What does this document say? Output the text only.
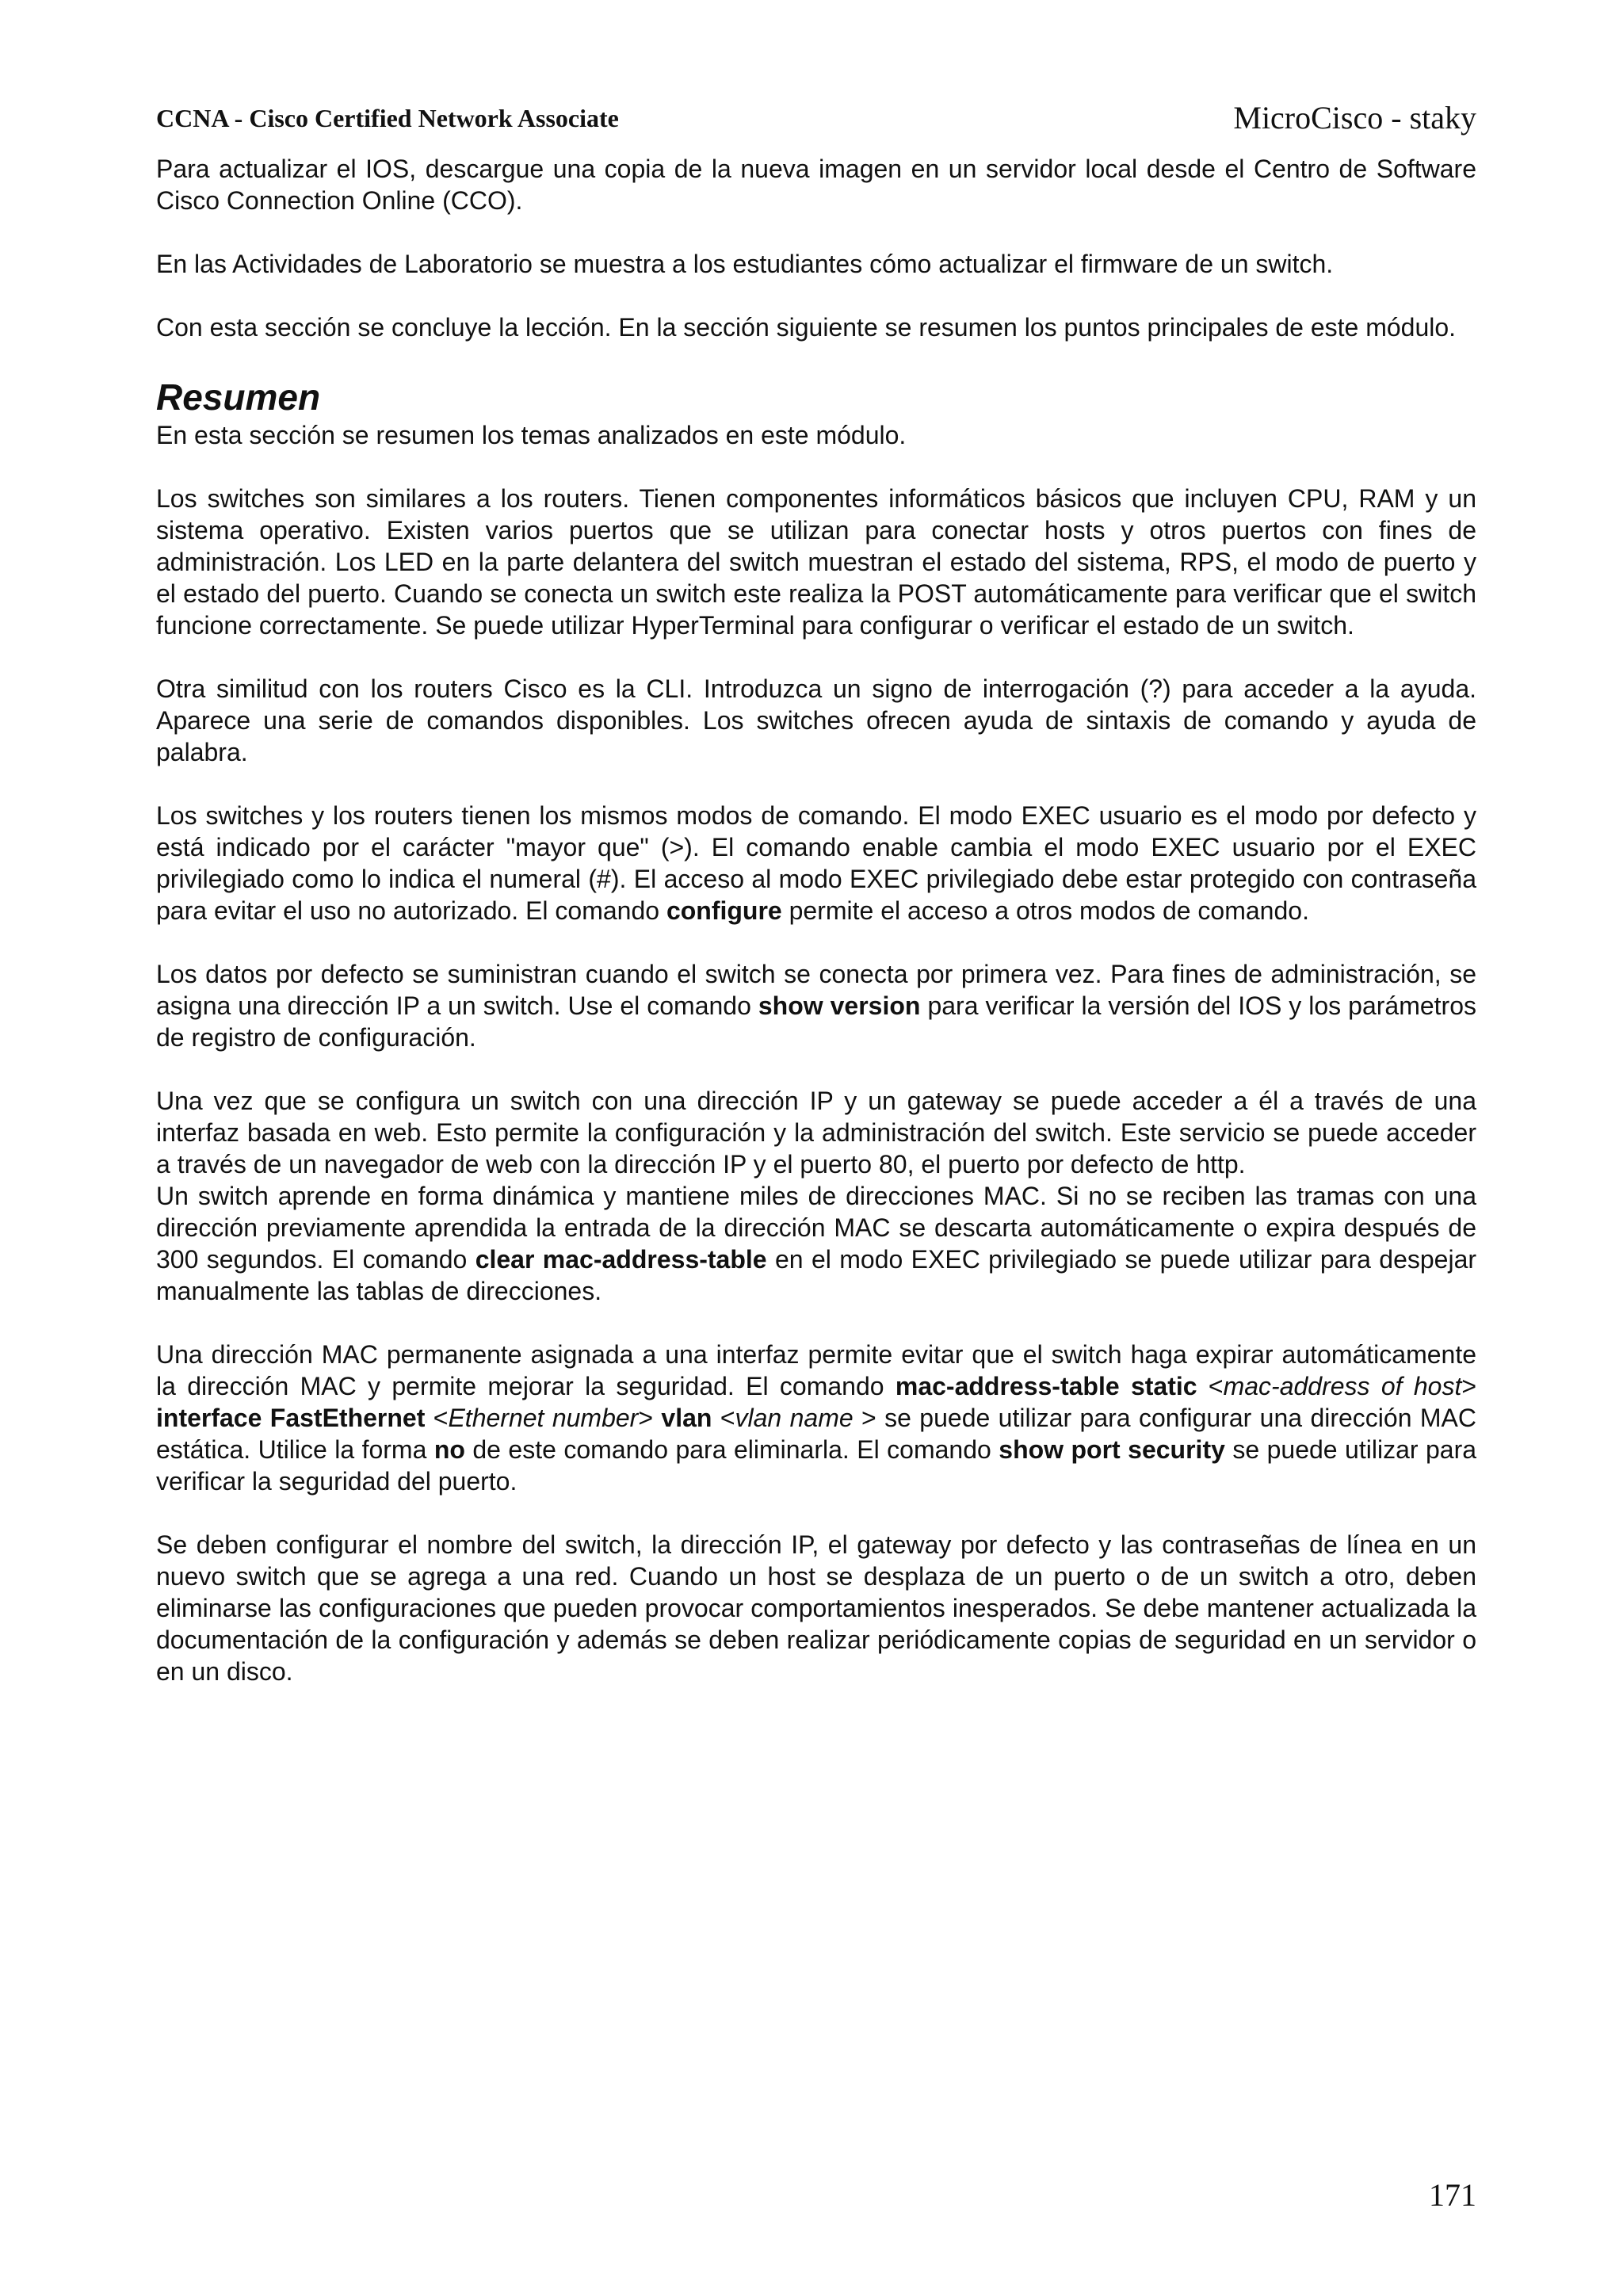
CCNA - Cisco Certified Network Associate	MicroCisco - staky

Para actualizar el IOS, descargue una copia de la nueva imagen en un servidor local desde el Centro de Software Cisco Connection Online (CCO).

En las Actividades de Laboratorio se muestra a los estudiantes cómo actualizar el firmware de un switch.

Con esta sección se concluye la lección. En la sección siguiente se resumen los puntos principales de este módulo.

Resumen

En esta sección se resumen los temas analizados en este módulo.

Los switches son similares a los routers. Tienen componentes informáticos básicos que incluyen CPU, RAM y un sistema operativo. Existen varios puertos que se utilizan para conectar hosts y otros puertos con fines de administración. Los LED en la parte delantera del switch muestran el estado del sistema, RPS, el modo de puerto y el estado del puerto. Cuando se conecta un switch este realiza la POST automáticamente para verificar que el switch funcione correctamente. Se puede utilizar HyperTerminal para configurar o verificar el estado de un switch.

Otra similitud con los routers Cisco es la CLI. Introduzca un signo de interrogación (?) para acceder a la ayuda. Aparece una serie de comandos disponibles. Los switches ofrecen ayuda de sintaxis de comando y ayuda de palabra.

Los switches y los routers tienen los mismos modos de comando. El modo EXEC usuario es el modo por defecto y está indicado por el carácter "mayor que" (>). El comando enable cambia el modo EXEC usuario por el EXEC privilegiado como lo indica el numeral (#). El acceso al modo EXEC privilegiado debe estar protegido con contraseña para evitar el uso no autorizado. El comando configure permite el acceso a otros modos de comando.

Los datos por defecto se suministran cuando el switch se conecta por primera vez. Para fines de administración, se asigna una dirección IP a un switch. Use el comando show version para verificar la versión del IOS y los parámetros de registro de configuración.

Una vez que se configura un switch con una dirección IP y un gateway se puede acceder a él a través de una interfaz basada en web. Esto permite la configuración y la administración del switch. Este servicio se puede acceder a través de un navegador de web con la dirección IP y el puerto 80, el puerto por defecto de http.

Un switch aprende en forma dinámica y mantiene miles de direcciones MAC. Si no se reciben las tramas con una dirección previamente aprendida la entrada de la dirección MAC se descarta automáticamente o expira después de 300 segundos. El comando clear mac-address-table en el modo EXEC privilegiado se puede utilizar para despejar manualmente las tablas de direcciones.

Una dirección MAC permanente asignada a una interfaz permite evitar que el switch haga expirar automáticamente la dirección MAC y permite mejorar la seguridad. El comando mac-address-table static <mac-address of host> interface FastEthernet <Ethernet number> vlan <vlan name > se puede utilizar para configurar una dirección MAC estática. Utilice la forma no de este comando para eliminarla. El comando show port security se puede utilizar para verificar la seguridad del puerto.

Se deben configurar el nombre del switch, la dirección IP, el gateway por defecto y las contraseñas de línea en un nuevo switch que se agrega a una red. Cuando un host se desplaza de un puerto o de un switch a otro, deben eliminarse las configuraciones que pueden provocar comportamientos inesperados. Se debe mantener actualizada la documentación de la configuración y además se deben realizar periódicamente copias de seguridad en un servidor o en un disco.

171
